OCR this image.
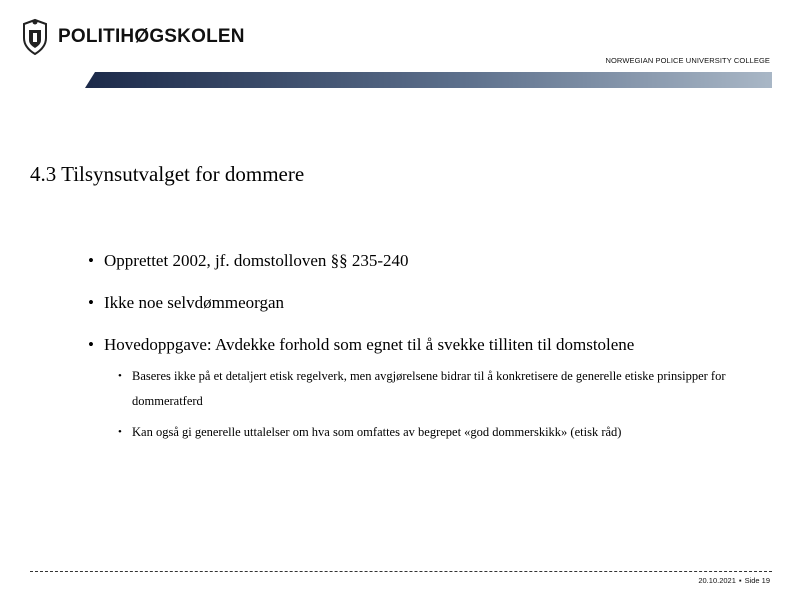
POLITIHØGSKOLEN
NORWEGIAN POLICE UNIVERSITY COLLEGE
4.3 Tilsynsutvalget for dommere
• Opprettet 2002, jf. domstolloven §§ 235-240
• Ikke noe selvdømmeorgan
• Hovedoppgave: Avdekke forhold som egnet til å svekke tilliten til domstolene
• Baseres ikke på et detaljert etisk regelverk, men avgjørelsene bidrar til å konkretisere de generelle etiske prinsipper for dommeratferd
• Kan også gi generelle uttalelser om hva som omfattes av begrepet «god dommerskikk» (etisk råd)
20.10.2021 ▪ Side 19
